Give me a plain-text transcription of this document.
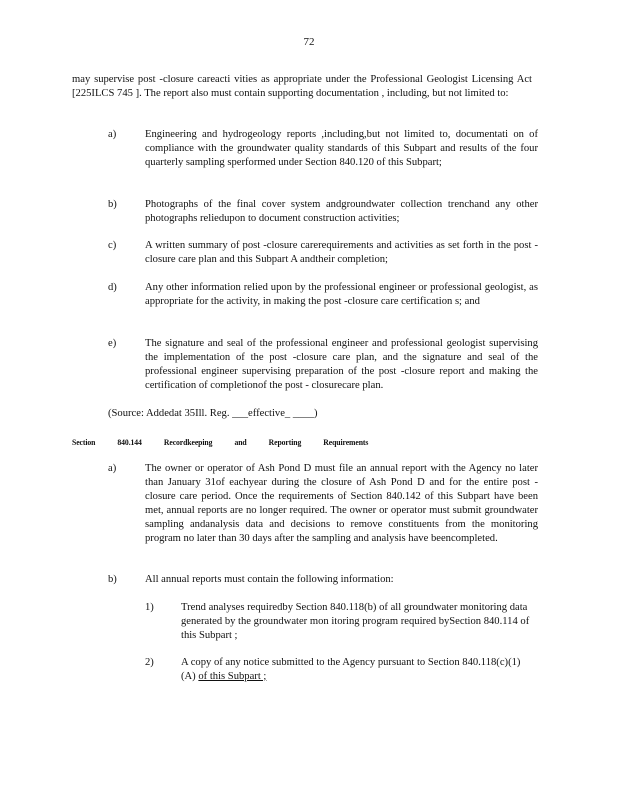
72
may supervise post -closure careacti vities as appropriate under the Professional Geologist Licensing Act [225ILCS 745 ]. The report also must contain supporting documentation , including, but not limited to:
a)	Engineering and hydrogeology reports ,including,but not limited to, documentati on of compliance with the groundwater quality standards of this Subpart and results of the four quarterly sampling sperformed under Section 840.120 of this Subpart;
b)	Photographs of the final cover system andgroundwater collection trenchand any other photographs reliedupon to document construction activities;
c)	A written summary of post -closure carerequirements and activities as set forth in the post -closure care plan and this Subpart A andtheir completion;
d)	Any other information relied upon by the professional engineer or professional geologist, as appropriate for the activity, in making the post -closure care certification s; and
e)	The signature and seal of the professional engineer and professional geologist supervising the implementation of the post -closure care plan, and the signature and seal of the professional engineer supervising preparation of the post -closure report and making the certification of completionof the post - closurecare plan.
(Source: Addedat 35Ill. Reg. ___effective_ ____)
Section	840.144	Recordkeeping	and	Reporting	Requirements
a)	The owner or operator of Ash Pond D must file an annual report with the Agency no later than January 31of eachyear during the closure of Ash Pond D and for the entire post -closure care period. Once the requirements of Section 840.142 of this Subpart have been met, annual reports are no longer required. The owner or operator must submit groundwater sampling andanalysis data and decisions to remove constituents from the monitoring program no later than 30 days after the sampling and analysis have beencompleted.
b)	All annual reports must contain the following information:
1)	Trend analyses requiredby Section 840.118(b) of all groundwater monitoring data generated by the groundwater mon itoring program required bySection 840.114 of this Subpart ;
2)	A copy of any notice submitted to the Agency pursuant to Section 840.118(c)(1)(A) of this Subpart ;
